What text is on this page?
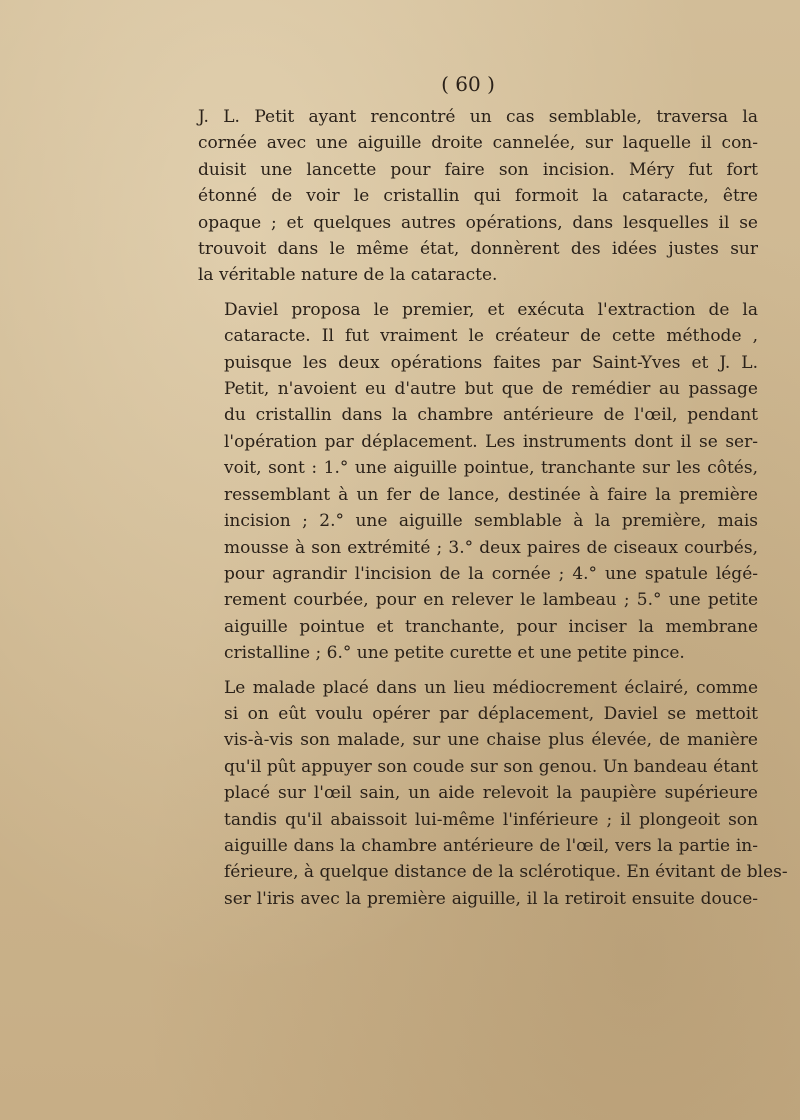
( 60 )

J. L. Petit ayant rencontré un cas semblable, traversa la
cornée avec une aiguille droite cannelée, sur laquelle il con-
duisit une lancette pour faire son incision. Méry fut fort
étonné de voir le cristallin qui formoit la cataracte, être
opaque ; et quelques autres opérations, dans lesquelles il se
trouvoit dans le même état, donnèrent des idées justes sur
la véritable nature de la cataracte.

Daviel proposa le premier, et exécuta l'extraction de la
cataracte. Il fut vraiment le créateur de cette méthode ,
puisque les deux opérations faites par Saint-Yves et J. L.
Petit, n'avoient eu d'autre but que de remédier au passage
du cristallin dans la chambre antérieure de l'œil, pendant
l'opération par déplacement. Les instruments dont il se ser-
voit, sont : 1.° une aiguille pointue, tranchante sur les côtés,
ressemblant à un fer de lance, destinée à faire la première
incision ; 2.° une aiguille semblable à la première, mais
mousse à son extrémité ; 3.° deux paires de ciseaux courbés,
pour agrandir l'incision de la cornée ; 4.° une spatule légé-
rement courbée, pour en relever le lambeau ; 5.° une petite
aiguille pointue et tranchante, pour inciser la membrane
cristalline ; 6.° une petite curette et une petite pince.

Le malade placé dans un lieu médiocrement éclairé, comme
si on eût voulu opérer par déplacement, Daviel se mettoit
vis-à-vis son malade, sur une chaise plus élevée, de manière
qu'il pût appuyer son coude sur son genou. Un bandeau étant
placé sur l'œil sain, un aide relevoit la paupière supérieure
tandis qu'il abaissoit lui-même l'inférieure ; il plongeoit son
aiguille dans la chambre antérieure de l'œil, vers la partie in-
férieure, à quelque distance de la sclérotique. En évitant de bles-
ser l'iris avec la première aiguille, il la retiroit ensuite douce-
